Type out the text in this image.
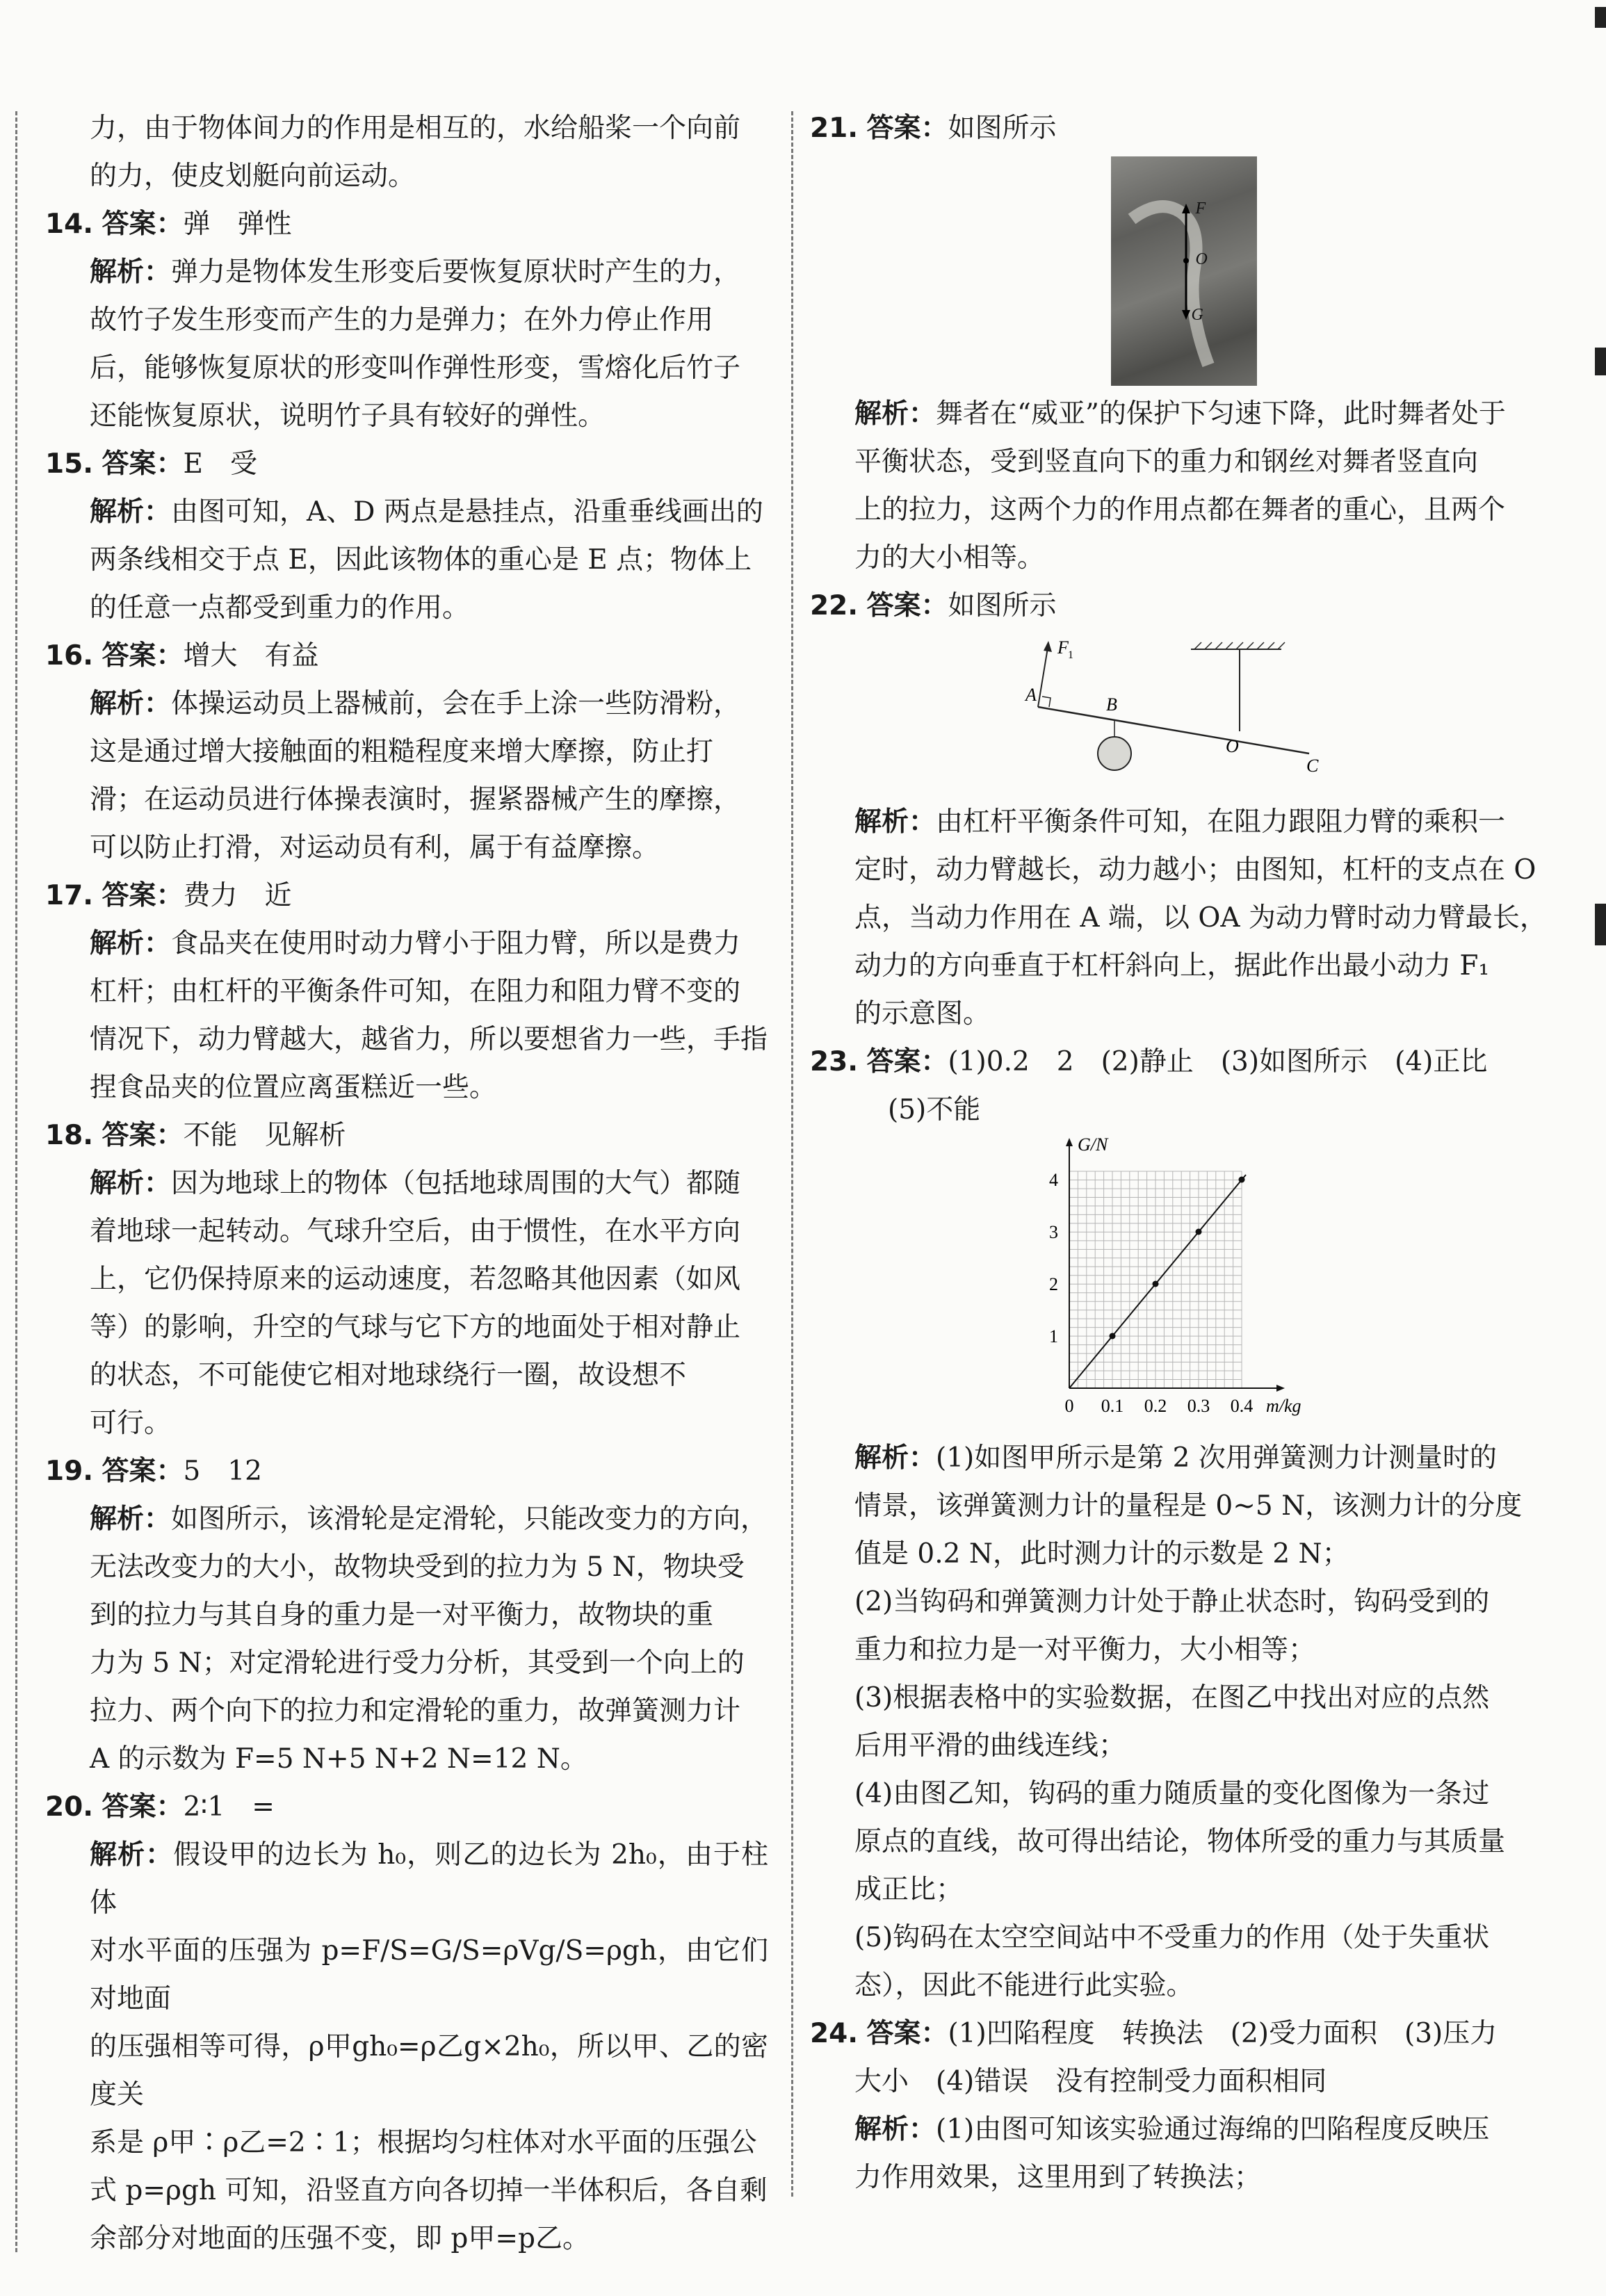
力，由于物体间力的作用是相互的，水给船桨一个向前

的力，使皮划艇向前运动。

14. 答案：弹　弹性

解析：弹力是物体发生形变后要恢复原状时产生的力，

故竹子发生形变而产生的力是弹力；在外力停止作用

后，能够恢复原状的形变叫作弹性形变，雪熔化后竹子

还能恢复原状，说明竹子具有较好的弹性。

15. 答案：E　受

解析：由图可知，A、D 两点是悬挂点，沿重垂线画出的

两条线相交于点 E，因此该物体的重心是 E 点；物体上

的任意一点都受到重力的作用。

16. 答案：增大　有益

解析：体操运动员上器械前，会在手上涂一些防滑粉，

这是通过增大接触面的粗糙程度来增大摩擦，防止打

滑；在运动员进行体操表演时，握紧器械产生的摩擦，

可以防止打滑，对运动员有利，属于有益摩擦。

17. 答案：费力　近

解析：食品夹在使用时动力臂小于阻力臂，所以是费力

杠杆；由杠杆的平衡条件可知，在阻力和阻力臂不变的

情况下，动力臂越大，越省力，所以要想省力一些，手指

捏食品夹的位置应离蛋糕近一些。

18. 答案：不能　见解析

解析：因为地球上的物体（包括地球周围的大气）都随

着地球一起转动。气球升空后，由于惯性，在水平方向

上，它仍保持原来的运动速度，若忽略其他因素（如风

等）的影响，升空的气球与它下方的地面处于相对静止

的状态，不可能使它相对地球绕行一圈，故设想不

可行。

19. 答案：5　12

解析：如图所示，该滑轮是定滑轮，只能改变力的方向，

无法改变力的大小，故物块受到的拉力为 5 N，物块受

到的拉力与其自身的重力是一对平衡力，故物块的重

力为 5 N；对定滑轮进行受力分析，其受到一个向上的

拉力、两个向下的拉力和定滑轮的重力，故弹簧测力计

A 的示数为 F=5 N+5 N+2 N=12 N。

20. 答案：2∶1　=

解析：假设甲的边长为 h₀，则乙的边长为 2h₀，由于柱体

对水平面的压强为 p=F/S=G/S=ρVg/S=ρgh，由它们对地面

的压强相等可得，ρ甲gh₀=ρ乙g×2h₀，所以甲、乙的密度关

系是 ρ甲∶ρ乙=2∶1；根据均匀柱体对水平面的压强公

式 p=ρgh 可知，沿竖直方向各切掉一半体积后，各自剩

余部分对地面的压强不变，即 p甲=p乙。

21. 答案：如图所示

F
O
G

解析：舞者在“威亚”的保护下匀速下降，此时舞者处于

平衡状态，受到竖直向下的重力和钢丝对舞者竖直向

上的拉力，这两个力的作用点都在舞者的重心，且两个

力的大小相等。

22. 答案：如图所示

F 1
A	B
O
C

解析：由杠杆平衡条件可知，在阻力跟阻力臂的乘积一

定时，动力臂越长，动力越小；由图知，杠杆的支点在 O

点，当动力作用在 A 端，以 OA 为动力臂时动力臂最长，

动力的方向垂直于杠杆斜向上，据此作出最小动力 F₁

的示意图。

23. 答案：(1)0.2　2　(2)静止　(3)如图所示　(4)正比

(5)不能

0 0.1 0.2 0.3 0.4
1
2
3
4
m/kg
G/N

解析：(1)如图甲所示是第 2 次用弹簧测力计测量时的

情景，该弹簧测力计的量程是 0~5 N，该测力计的分度

值是 0.2 N，此时测力计的示数是 2 N；

(2)当钩码和弹簧测力计处于静止状态时，钩码受到的

重力和拉力是一对平衡力，大小相等；

(3)根据表格中的实验数据，在图乙中找出对应的点然

后用平滑的曲线连线；

(4)由图乙知，钩码的重力随质量的变化图像为一条过

原点的直线，故可得出结论，物体所受的重力与其质量

成正比；

(5)钩码在太空空间站中不受重力的作用（处于失重状

态），因此不能进行此实验。

24. 答案：(1)凹陷程度　转换法　(2)受力面积　(3)压力

大小　(4)错误　没有控制受力面积相同

解析：(1)由图可知该实验通过海绵的凹陷程度反映压

力作用效果，这里用到了转换法；
